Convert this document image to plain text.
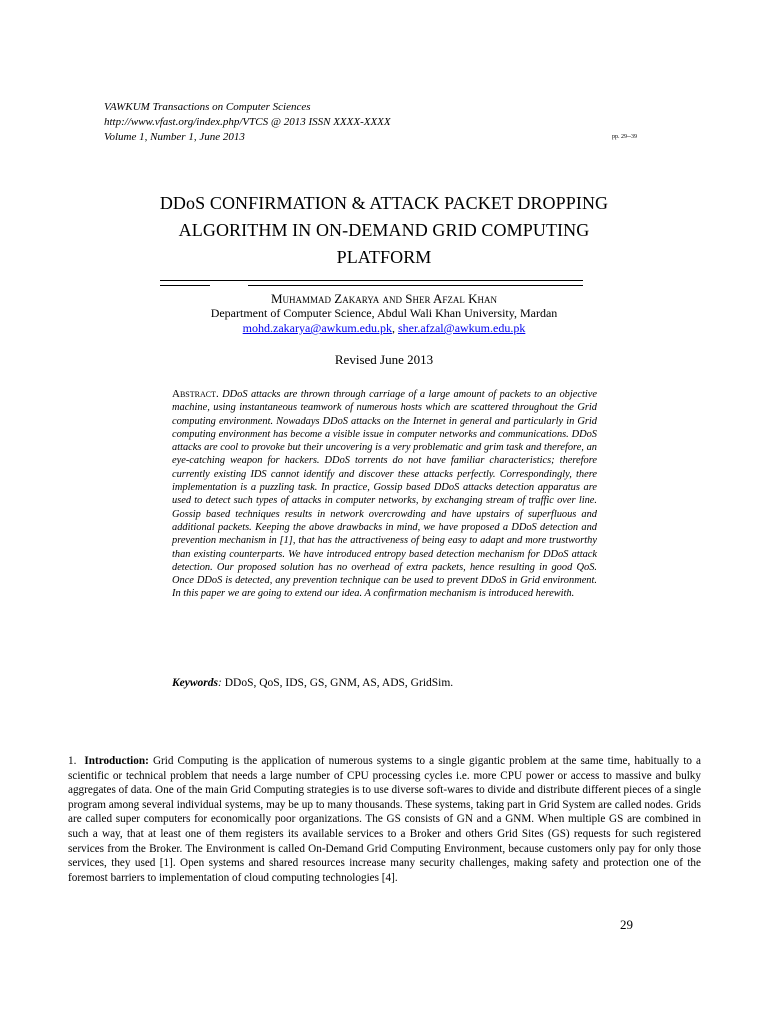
VAWKUM Transactions on Computer Sciences
http://www.vfast.org/index.php/VTCS @ 2013 ISSN XXXX-XXXX
Volume 1, Number 1, June 2013	pp. 29--39
DDoS CONFIRMATION & ATTACK PACKET DROPPING
ALGORITHM IN ON-DEMAND GRID COMPUTING
PLATFORM
Muhammad Zakarya and Sher Afzal Khan
Department of Computer Science, Abdul Wali Khan University, Mardan
mohd.zakarya@awkum.edu.pk, sher.afzal@awkum.edu.pk
Revised June 2013

Abstract. DDoS attacks are thrown through carriage of a large amount of packets to an objective machine, using instantaneous teamwork of numerous hosts which are scattered throughout the Grid computing environment. Nowadays DDoS attacks on the Internet in general and particularly in Grid computing environment has become a visible issue in computer networks and communications. DDoS attacks are cool to provoke but their uncovering is a very problematic and grim task and therefore, an eye-catching weapon for hackers. DDoS torrents do not have familiar characteristics; therefore currently existing IDS cannot identify and discover these attacks perfectly. Correspondingly, there implementation is a puzzling task. In practice, Gossip based DDoS attacks detection apparatus are used to detect such types of attacks in computer networks, by exchanging stream of traffic over line. Gossip based techniques results in network overcrowding and have upstairs of superfluous and additional packets. Keeping the above drawbacks in mind, we have proposed a DDoS detection and prevention mechanism in [1], that has the attractiveness of being easy to adapt and more trustworthy than existing counterparts. We have introduced entropy based detection mechanism for DDoS attack detection. Our proposed solution has no overhead of extra packets, hence resulting in good QoS. Once DDoS is detected, any prevention technique can be used to prevent DDoS in Grid environment. In this paper we are going to extend our idea. A confirmation mechanism is introduced herewith.

Keywords: DDoS, QoS, IDS, GS, GNM, AS, ADS, GridSim.

1. Introduction: Grid Computing is the application of numerous systems to a single gigantic problem at the same time, habitually to a scientific or technical problem that needs a large number of CPU processing cycles i.e. more CPU power or access to massive and bulky aggregates of data. One of the main Grid Computing strategies is to use diverse soft-wares to divide and distribute different pieces of a single program among several individual systems, may be up to many thousands. These systems, taking part in Grid System are called nodes. Grids are called super computers for economically poor organizations. The GS consists of GN and a GNM. When multiple GS are combined in such a way, that at least one of them registers its available services to a Broker and others Grid Sites (GS) requests for such registered services from the Broker. The Environment is called On-Demand Grid Computing Environment, because customers only pay for only those services, they used [1]. Open systems and shared resources increase many security challenges, making safety and protection one of the foremost barriers to implementation of cloud computing technologies [4].

29
